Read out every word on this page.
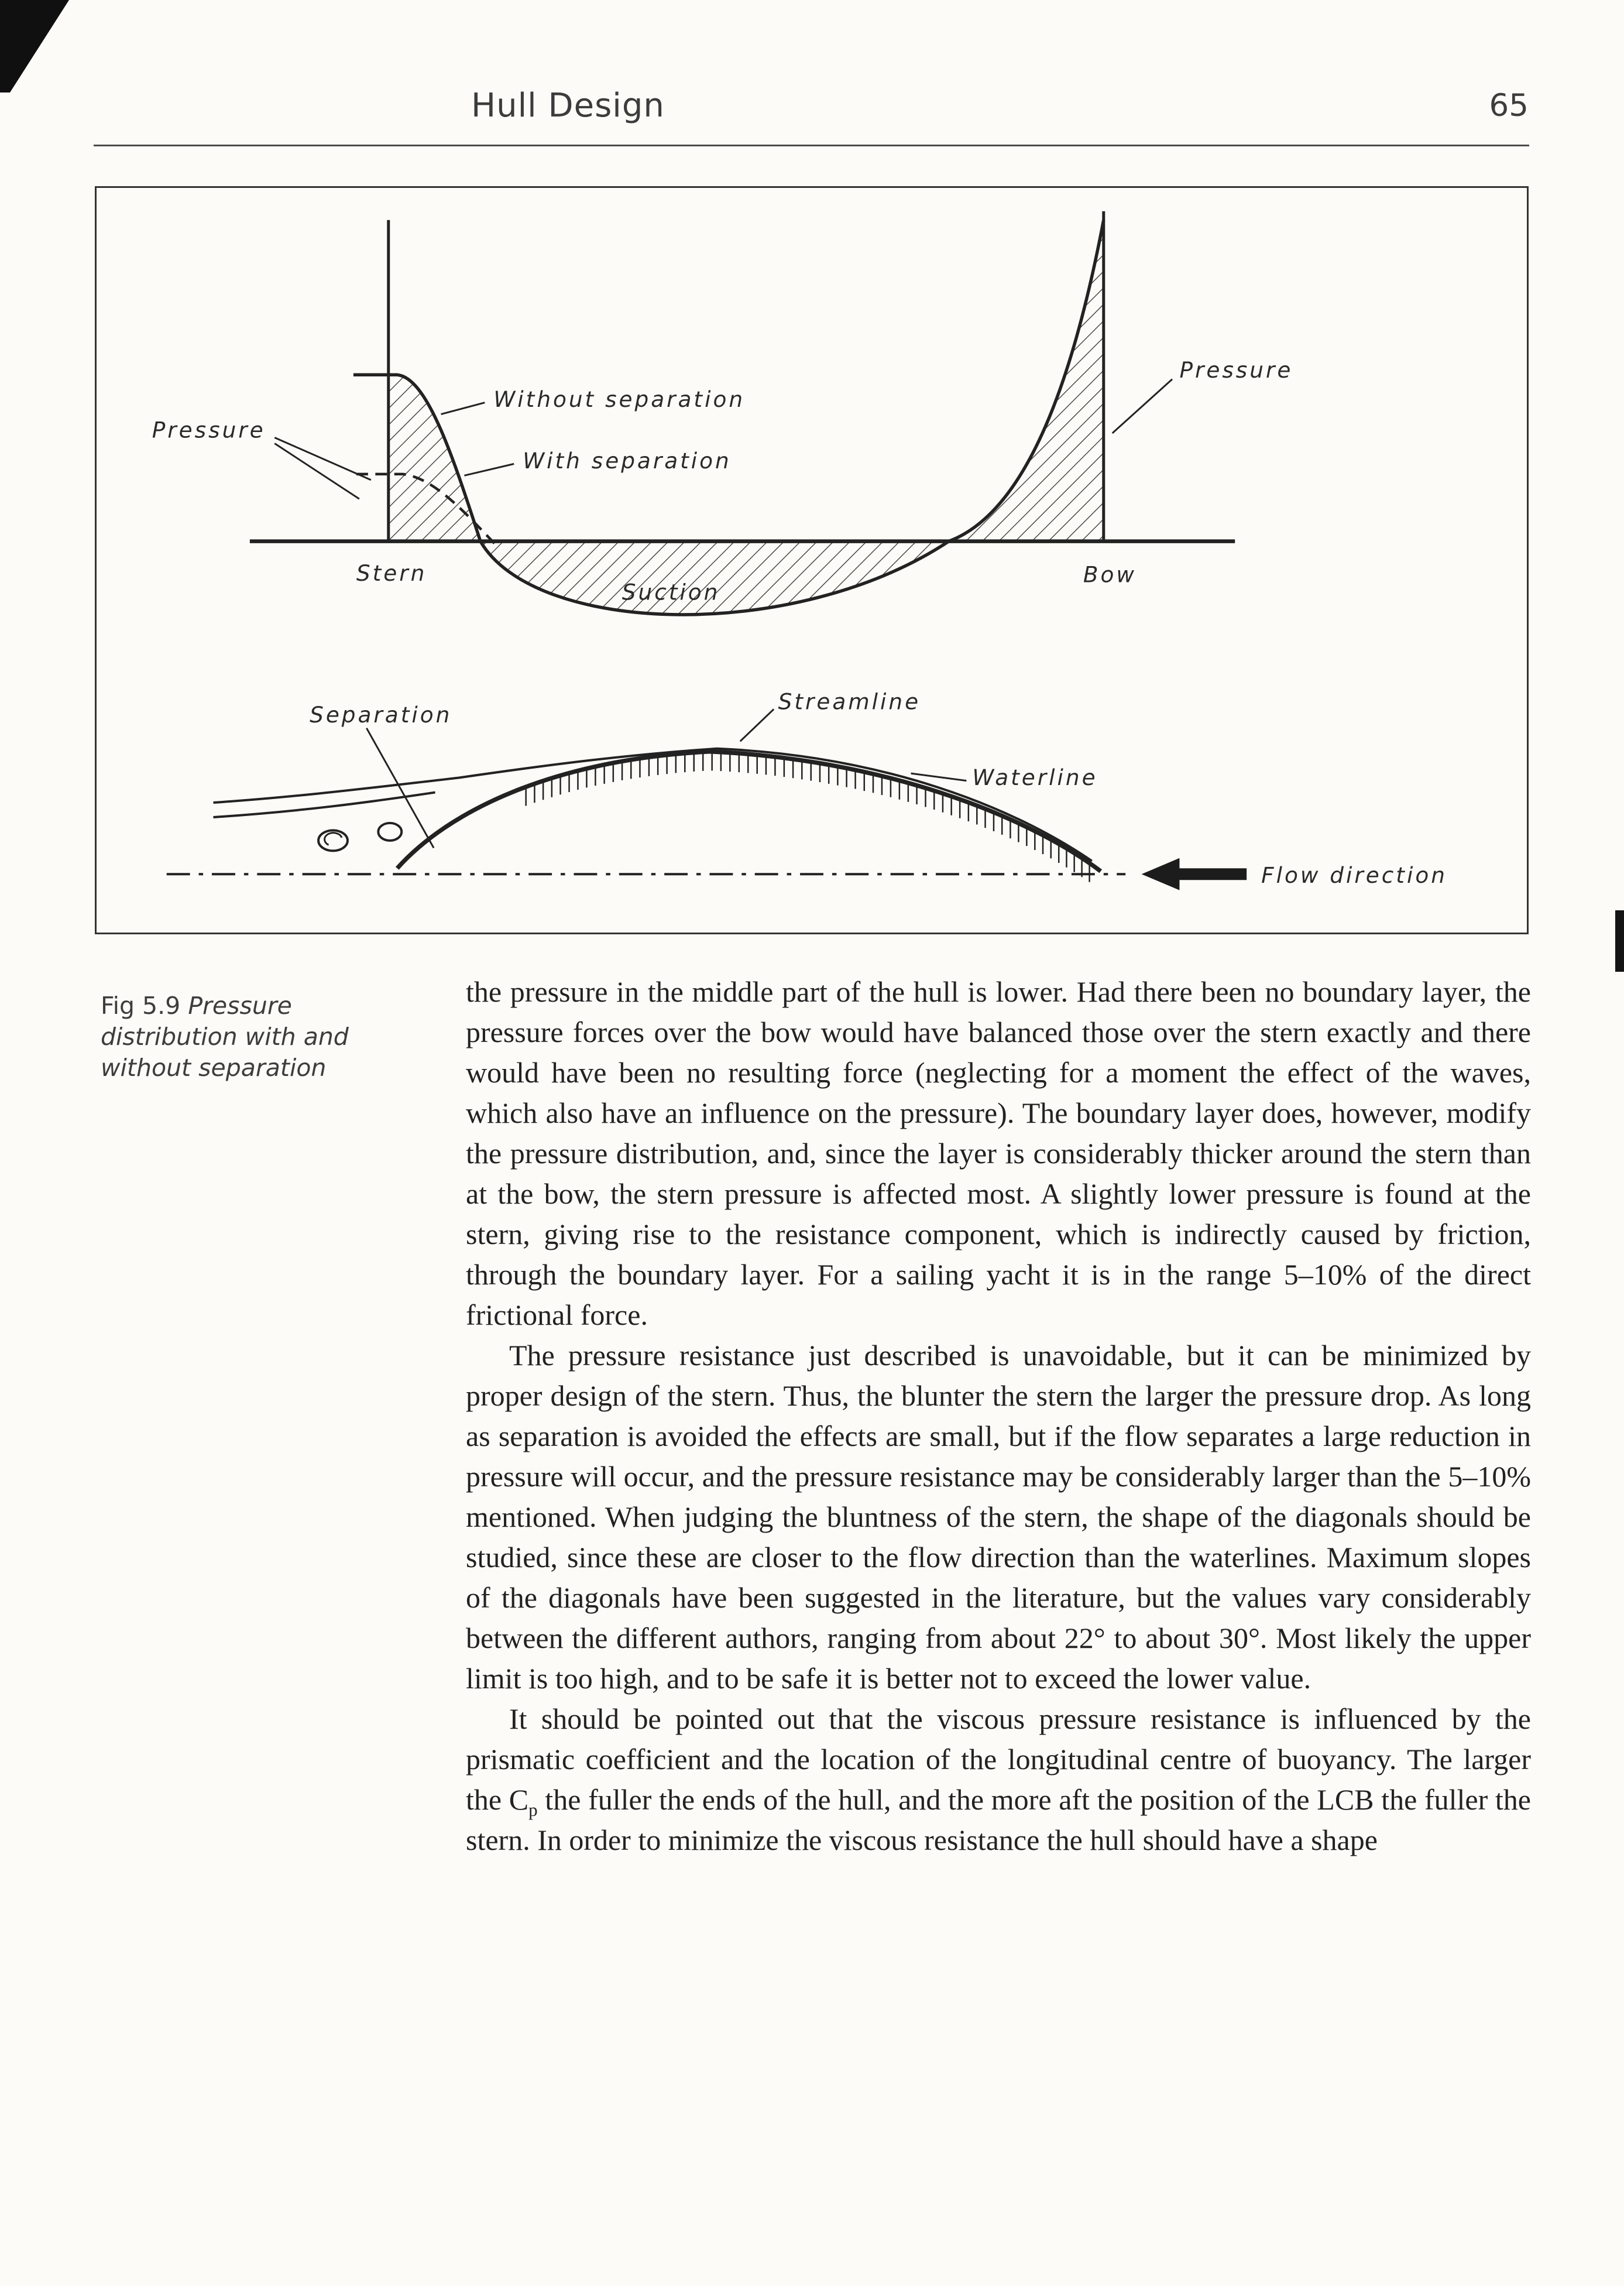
Hull Design	65
Pressure
Without separation
With separation
Pressure
Stern	Bow
Suction
Separation
Streamline
Waterline
Flow direction
Fig 5.9 Pressure distribution with and without separation

the pressure in the middle part of the hull is lower. Had there been no boundary layer, the pressure forces over the bow would have balanced those over the stern exactly and there would have been no resulting force (neglecting for a moment the effect of the waves, which also have an influence on the pressure). The boundary layer does, however, modify the pressure distribution, and, since the layer is considerably thicker around the stern than at the bow, the stern pressure is affected most. A slightly lower pressure is found at the stern, giving rise to the resistance component, which is indirectly caused by friction, through the boundary layer. For a sailing yacht it is in the range 5–10% of the direct frictional force.

The pressure resistance just described is unavoidable, but it can be minimized by proper design of the stern. Thus, the blunter the stern the larger the pressure drop. As long as separation is avoided the effects are small, but if the flow separates a large reduction in pressure will occur, and the pressure resistance may be considerably larger than the 5–10% mentioned. When judging the bluntness of the stern, the shape of the diagonals should be studied, since these are closer to the flow direction than the waterlines. Maximum slopes of the diagonals have been suggested in the literature, but the values vary considerably between the different authors, ranging from about 22° to about 30°. Most likely the upper limit is too high, and to be safe it is better not to exceed the lower value.

It should be pointed out that the viscous pressure resistance is influenced by the prismatic coefficient and the location of the longitudinal centre of buoyancy. The larger the $C_p$ the fuller the ends of the hull, and the more aft the position of the LCB the fuller the stern. In order to minimize the viscous resistance the hull should have a shape
